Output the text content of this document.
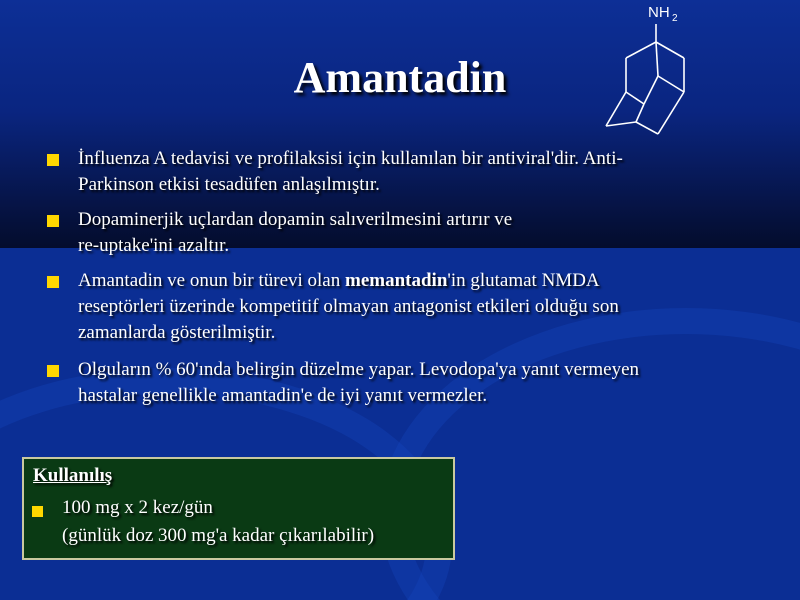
Amantadin
NH 2
İnfluenza A tedavisi ve profilaksisi için kullanılan bir antiviral'dir. Anti-
Parkinson etkisi tesadüfen anlaşılmıştır.
Dopaminerjik uçlardan dopamin salıverilmesini artırır ve
re-uptake'ini azaltır.
Amantadin ve onun bir türevi olan memantadin'in glutamat NMDA
reseptörleri üzerinde kompetitif olmayan antagonist etkileri olduğu son
zamanlarda gösterilmiştir.
Olguların % 60'ında belirgin düzelme yapar. Levodopa'ya yanıt vermeyen
hastalar genellikle amantadin'e de iyi yanıt vermezler.
Kullanılış
100 mg x 2 kez/gün
(günlük doz 300 mg'a kadar çıkarılabilir)
